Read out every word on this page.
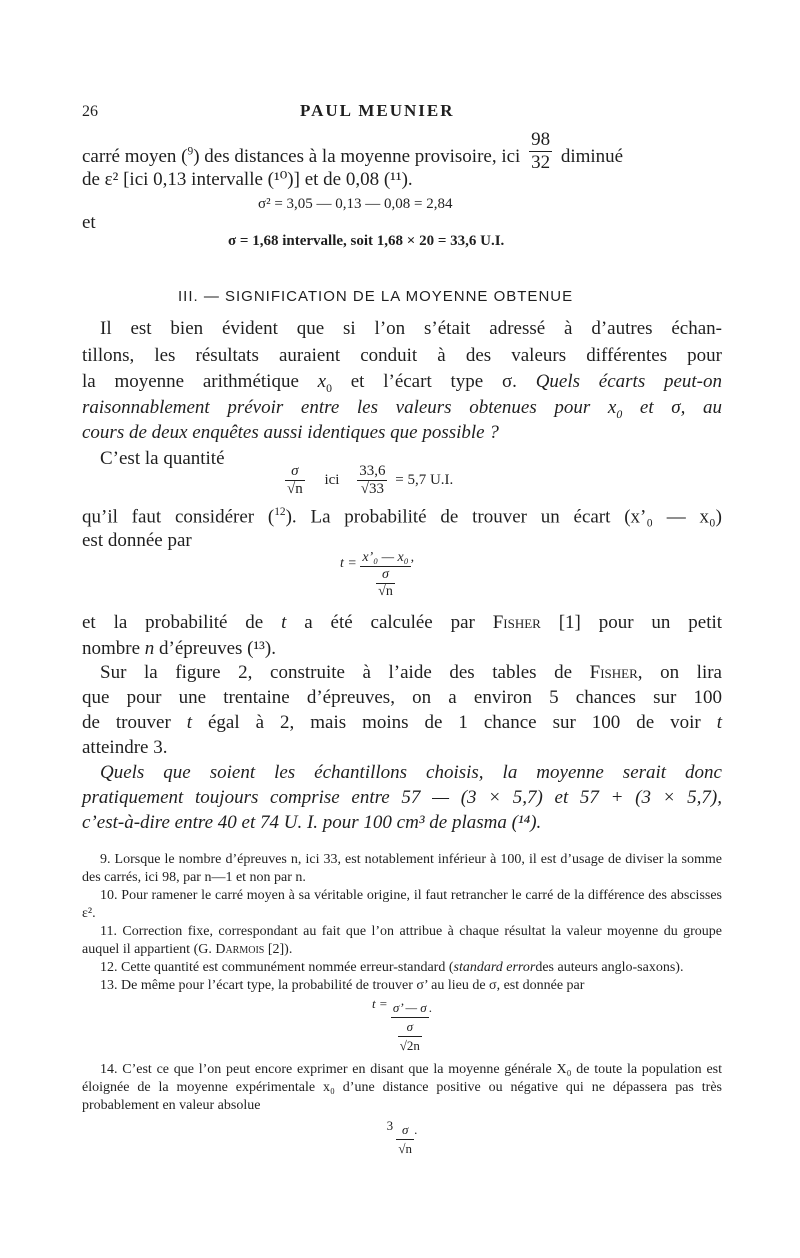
26	PAUL MEUNIER
carré moyen ($^9$) des distances à la moyenne provisoire, ici $\frac{98}{32}$ diminué
de ε² [ici 0,13 intervalle (¹⁰)] et de 0,08 (¹¹).
σ² = 3,05 — 0,13 — 0,08 = 2,84
et
σ = 1,68 intervalle, soit 1,68 × 20 = 33,6 U.I.
III. — SIGNIFICATION DE LA MOYENNE OBTENUE
Il est bien évident que si l’on s’était adressé à d’autres échan-
tillons, les résultats auraient conduit à des valeurs différentes pour
la moyenne arithmétique $x_0$ et l’écart type σ. Quels écarts peut-on
raisonnablement prévoir entre les valeurs obtenues pour $x_0$ et σ, au
cours de deux enquêtes aussi identiques que possible ?
C’est la quantité
$\frac{\sigma}{√n}$ ici $\frac{33,6}{√33} = 5,7$ U.I.
qu’il faut considérer ($^{12}$). La probabilité de trouver un écart (x’₀ — x₀)
est donnée par
$t = \frac{\text{x’₀ — x₀}}{\frac{\sigma}{√n}}$ ,
et la probabilité de t a été calculée par Fisher [1] pour un petit
nombre n d’épreuves (¹³).
Sur la figure 2, construite à l’aide des tables de Fisher, on lira
que pour une trentaine d’épreuves, on a environ 5 chances sur 100
de trouver t égal à 2, mais moins de 1 chance sur 100 de voir t
atteindre 3.
Quels que soient les échantillons choisis, la moyenne serait donc
pratiquement toujours comprise entre 57 — (3 × 5,7) et 57 + (3 × 5,7),
c’est-à-dire entre 40 et 74 U. I. pour 100 cm³ de plasma (¹⁴).
9. Lorsque le nombre d’épreuves n, ici 33, est notablement inférieur à 100, il est d’usage de diviser la somme des carrés, ici 98, par n—1 et non par n.
10. Pour ramener le carré moyen à sa véritable origine, il faut retrancher le carré de la différence des abscisses ε².
11. Correction fixe, correspondant au fait que l’on attribue à chaque résultat la valeur moyenne du groupe auquel il appartient (G. Darmois [2]).
12. Cette quantité est communément nommée erreur-standard (standard errordes auteurs anglo-saxons).
13. De même pour l’écart type, la probabilité de trouver σ’ au lieu de σ, est donnée par
$t = \frac{\sigma’ — \sigma}{\frac{\sigma}{√2n}}$ .
14. C’est ce que l’on peut encore exprimer en disant que la moyenne générale X₀ de toute la population est éloignée de la moyenne expérimentale x₀ d’une distance positive ou négative qui ne dépassera pas très probablement en valeur absolue
$3 \frac{\sigma}{√n}$ .
